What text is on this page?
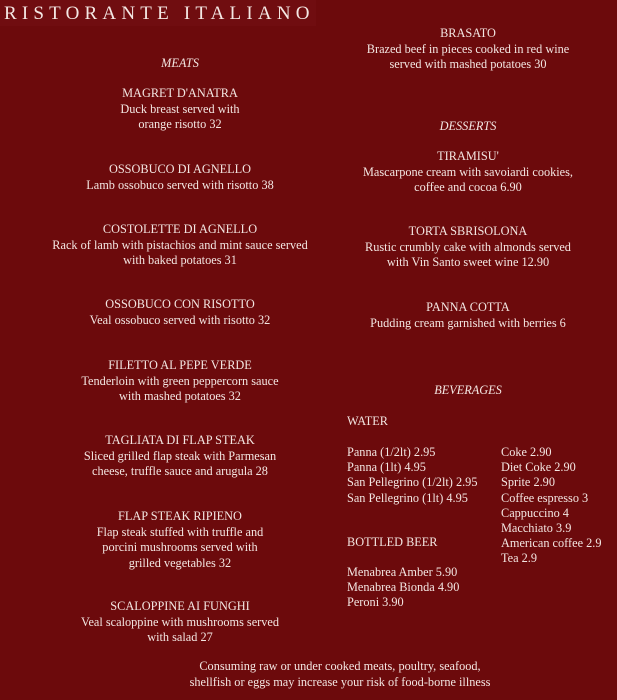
RISTORANTE ITALIANO
MEATS
MAGRET D'ANATRA
Duck breast served with
orange risotto 32
OSSOBUCO DI AGNELLO
Lamb ossobuco served with risotto 38
COSTOLETTE DI AGNELLO
Rack of lamb with pistachios and mint sauce served
with baked potatoes 31
OSSOBUCO CON RISOTTO
Veal ossobuco served with risotto 32
FILETTO AL PEPE VERDE
Tenderloin with green peppercorn sauce
with mashed potatoes 32
TAGLIATA DI FLAP STEAK
Sliced grilled flap steak with Parmesan
cheese, truffle sauce and arugula 28
FLAP STEAK RIPIENO
Flap steak stuffed with truffle and
porcini mushrooms served with
grilled vegetables 32
SCALOPPINE AI FUNGHI
Veal scaloppine with mushrooms served
with salad 27
BRASATO
Brazed beef in pieces cooked in red wine
served with mashed potatoes 30
DESSERTS
TIRAMISU'
Mascarpone cream with savoiardi cookies,
coffee and cocoa 6.90
TORTA SBRISOLONA
Rustic crumbly cake with almonds served
with Vin Santo sweet wine 12.90
PANNA COTTA
Pudding cream garnished with berries 6
BEVERAGES
WATER
Panna (1/2lt) 2.95
Panna (1lt) 4.95
San Pellegrino (1/2lt) 2.95
San Pellegrino (1lt) 4.95
BOTTLED BEER
Menabrea Amber 5.90
Menabrea Bionda 4.90
Peroni 3.90
Coke 2.90
Diet Coke 2.90
Sprite 2.90
Coffee espresso 3
Cappuccino 4
Macchiato 3.9
American coffee 2.9
Tea 2.9
Consuming raw or under cooked meats, poultry, seafood,
shellfish or eggs may increase your risk of food-borne illness
